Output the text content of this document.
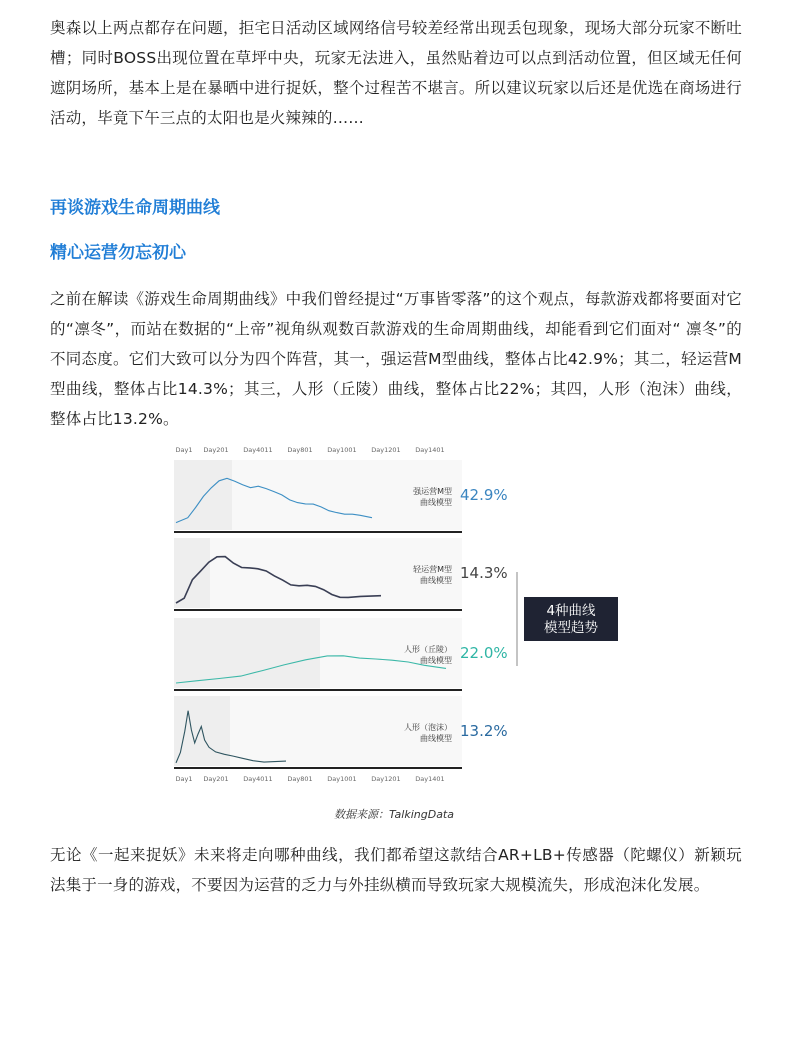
奥森以上两点都存在问题，拒宅日活动区域网络信号较差经常出现丢包现象，现场大部分玩家不断吐槽；同时BOSS出现位置在草坪中央，玩家无法进入，虽然贴着边可以点到活动位置，但区域无任何遮阴场所，基本上是在暴晒中进行捉妖，整个过程苦不堪言。所以建议玩家以后还是优选在商场进行活动，毕竟下午三点的太阳也是火辣辣的……

再谈游戏生命周期曲线
精心运营勿忘初心

之前在解读《游戏生命周期曲线》中我们曾经提过“万事皆零落”的这个观点，每款游戏都将要面对它的“凛冬”，而站在数据的“上帝”视角纵观数百款游戏的生命周期曲线，却能看到它们面对“ 凛冬”的不同态度。它们大致可以分为四个阵营，其一，强运营M型曲线，整体占比42.9%；其二，轻运营M型曲线，整体占比14.3%；其三，人形（丘陵）曲线，整体占比22%；其四，人形（泡沫）曲线，整体占比13.2%。

Day1 Day201 Day4011 Day801 Day1001 Day1201 Day1401
强运营M型
曲线模型 42.9%
轻运营M型
曲线模型 14.3%
人形（丘陵）
曲线模型 22.0%
人形（泡沫）
曲线模型 13.2%
Day1 Day201 Day4011 Day801 Day1001 Day1201 Day1401
4种曲线
模型趋势

数据来源：TalkingData

无论《一起来捉妖》未来将走向哪种曲线，我们都希望这款结合AR+LB+传感器（陀螺仪）新颖玩法集于一身的游戏，不要因为运营的乏力与外挂纵横而导致玩家大规模流失，形成泡沫化发展。
